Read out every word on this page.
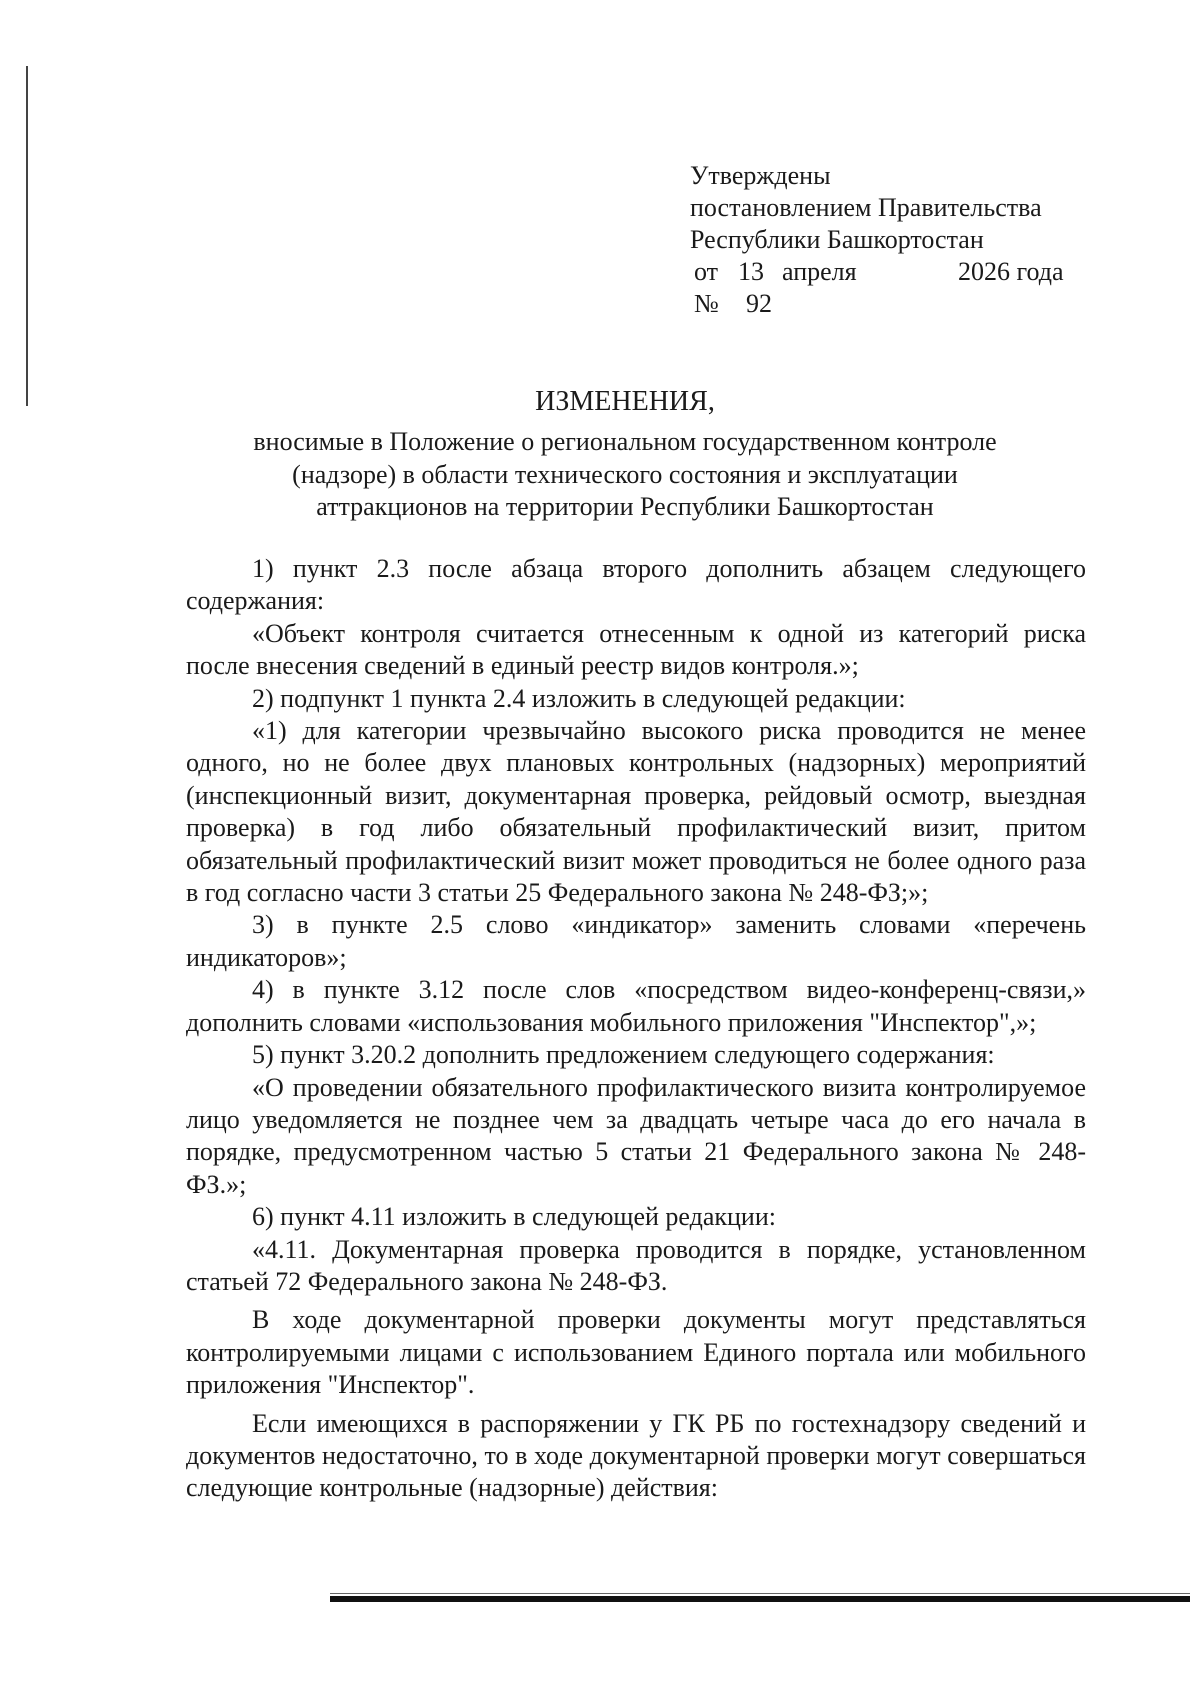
Утверждены
постановлением Правительства
Республики Башкортостан
от 13 апреля	2026 года
№ 92
ИЗМЕНЕНИЯ,
вносимые в Положение о региональном государственном контроле
(надзоре) в области технического состояния и эксплуатации
аттракционов на территории Республики Башкортостан

1) пункт 2.3 после абзаца второго дополнить абзацем следующего содержания:

«Объект контроля считается отнесенным к одной из категорий риска после внесения сведений в единый реестр видов контроля.»;

2) подпункт 1 пункта 2.4 изложить в следующей редакции:

«1) для категории чрезвычайно высокого риска проводится не менее одного, но не более двух плановых контрольных (надзорных) мероприятий (инспекционный визит, документарная проверка, рейдовый осмотр, выездная проверка) в год либо обязательный профилактический визит, притом обязательный профилактический визит может проводиться не более одного раза в год согласно части 3 статьи 25 Федерального закона № 248-ФЗ;»;

3) в пункте 2.5 слово «индикатор» заменить словами «перечень индикаторов»;

4) в пункте 3.12 после слов «посредством видео-конференц-связи,» дополнить словами «использования мобильного приложения "Инспектор",»;

5) пункт 3.20.2 дополнить предложением следующего содержания:

«О проведении обязательного профилактического визита контролируемое лицо уведомляется не позднее чем за двадцать четыре часа до его начала в порядке, предусмотренном частью 5 статьи 21 Федерального закона № 248-ФЗ.»;

6) пункт 4.11 изложить в следующей редакции:

«4.11. Документарная проверка проводится в порядке, установленном статьей 72 Федерального закона № 248-ФЗ.

В ходе документарной проверки документы могут представляться контролируемыми лицами с использованием Единого портала или мобильного приложения "Инспектор".

Если имеющихся в распоряжении у ГК РБ по гостехнадзору сведений и документов недостаточно, то в ходе документарной проверки могут совершаться следующие контрольные (надзорные) действия:
